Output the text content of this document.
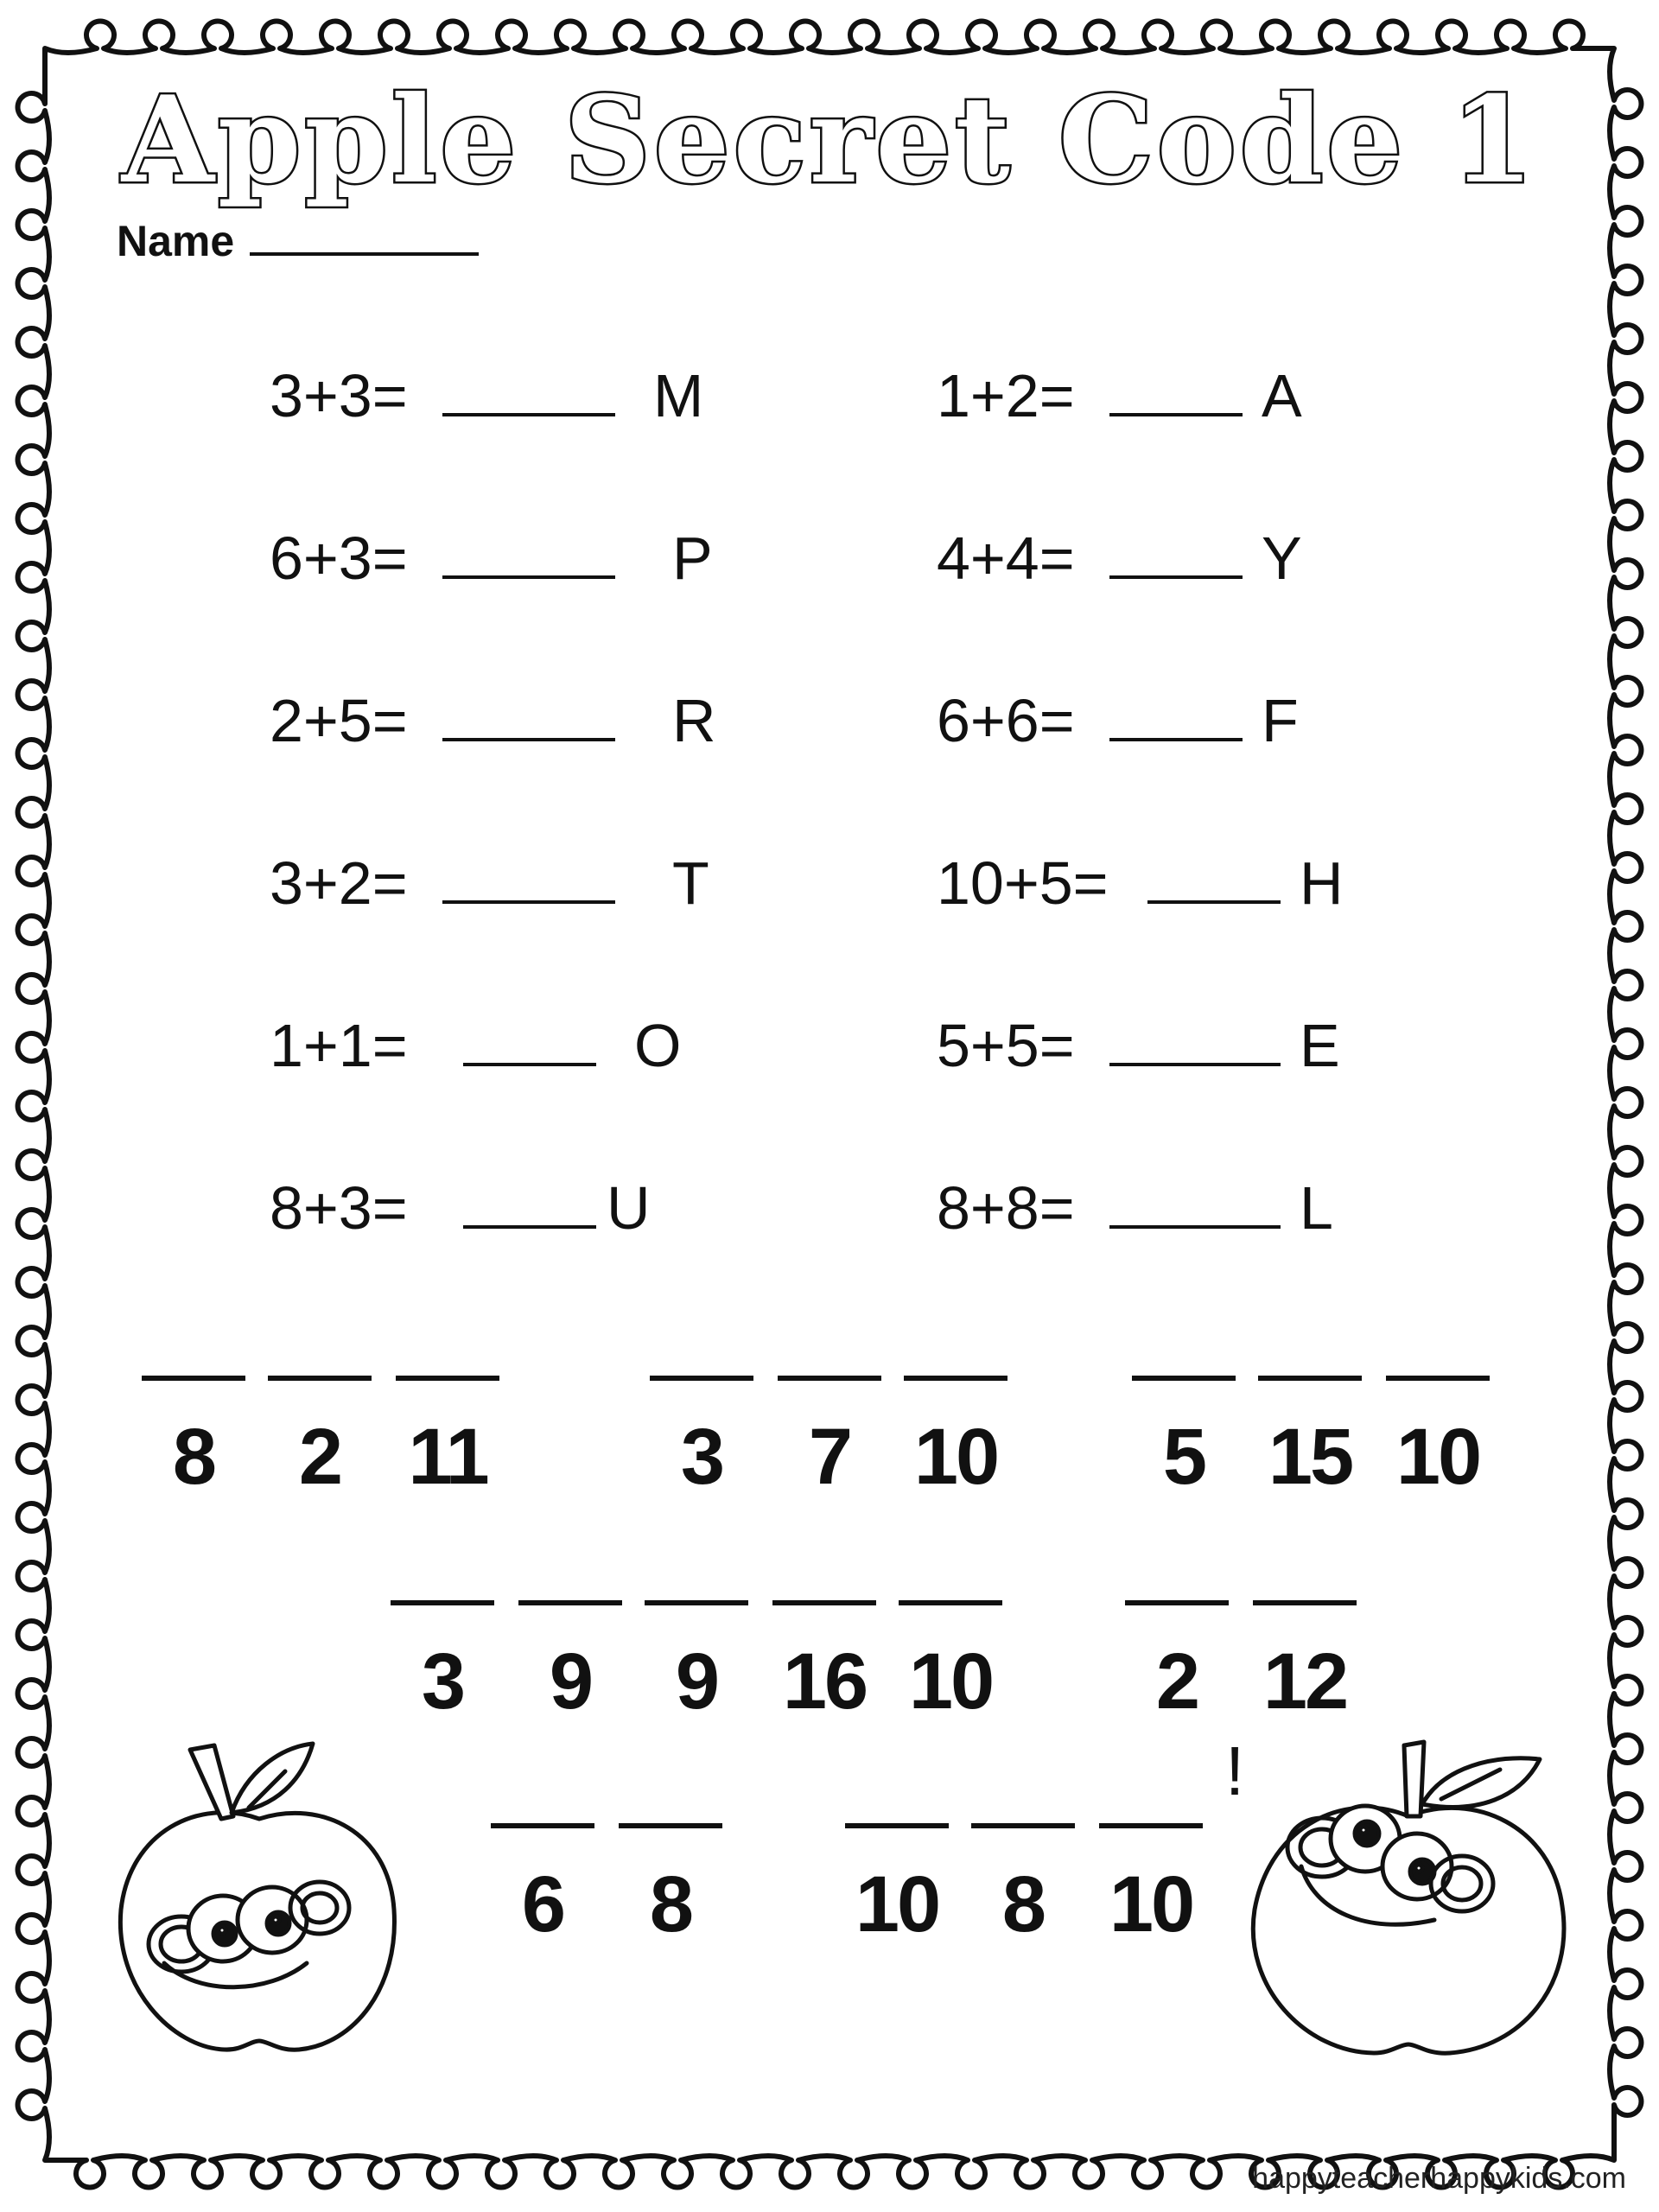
Apple Secret Code 1
Name
3+3=	M
6+3=	P
2+5=	R
3+2=	T
1+1=	O
8+3=	U
1+2=	A
4+4=	Y
6+6=	F
10+5=	H
5+5=	E
8+8=	L
8	2 11	3	7 10	5 15 10
3	9	9 16 10	2 12
6	8	10 8 10
!
happyteacherhappykids.com
